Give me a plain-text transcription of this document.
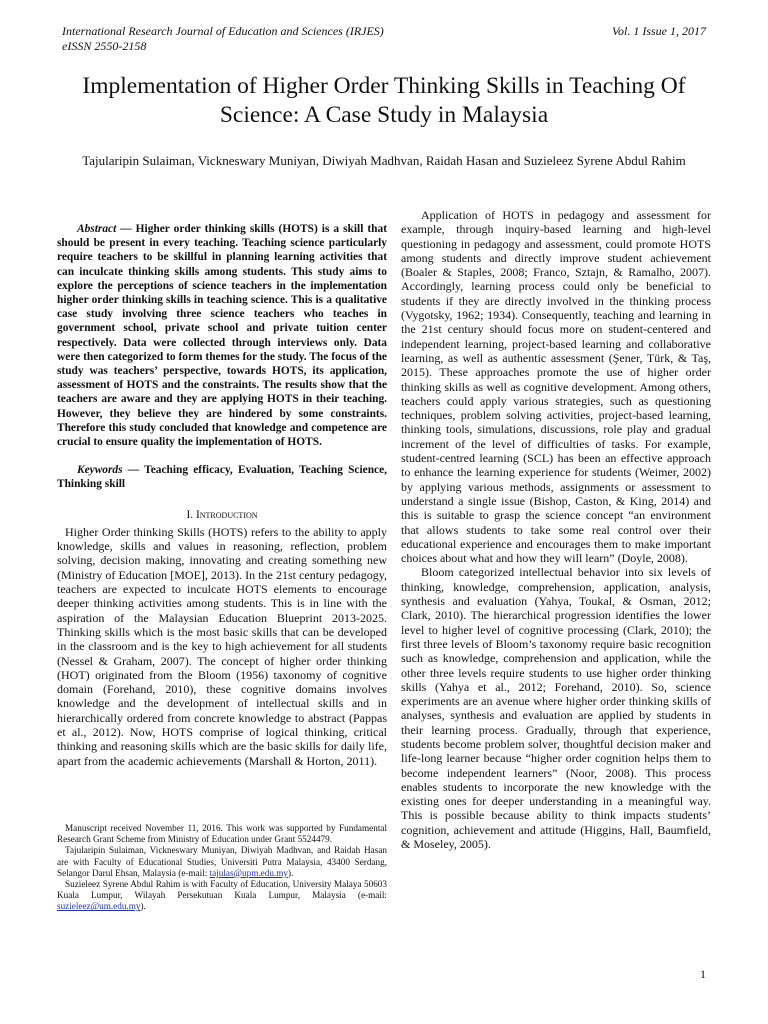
International Research Journal of Education and Sciences (IRJES)
eISSN 2550-2158
Vol. 1 Issue 1, 2017
Implementation of Higher Order Thinking Skills in Teaching Of Science: A Case Study in Malaysia
Tajularipin Sulaiman, Vickneswary Muniyan, Diwiyah Madhvan, Raidah Hasan and Suzieleez Syrene Abdul Rahim

Abstract — Higher order thinking skills (HOTS) is a skill that should be present in every teaching. Teaching science particularly require teachers to be skillful in planning learning activities that can inculcate thinking skills among students. This study aims to explore the perceptions of science teachers in the implementation higher order thinking skills in teaching science. This is a qualitative case study involving three science teachers who teaches in government school, private school and private tuition center respectively. Data were collected through interviews only. Data were then categorized to form themes for the study. The focus of the study was teachers’ perspective, towards HOTS, its application, assessment of HOTS and the constraints. The results show that the teachers are aware and they are applying HOTS in their teaching. However, they believe they are hindered by some constraints. Therefore this study concluded that knowledge and competence are crucial to ensure quality the implementation of HOTS.

Keywords — Teaching efficacy, Evaluation, Teaching Science, Thinking skill

I. Introduction

Higher Order thinking Skills (HOTS) refers to the ability to apply knowledge, skills and values in reasoning, reflection, problem solving, decision making, innovating and creating something new (Ministry of Education [MOE], 2013). In the 21st century pedagogy, teachers are expected to inculcate HOTS elements to encourage deeper thinking activities among students. This is in line with the aspiration of the Malaysian Education Blueprint 2013-2025. Thinking skills which is the most basic skills that can be developed in the classroom and is the key to high achievement for all students (Nessel & Graham, 2007). The concept of higher order thinking (HOT) originated from the Bloom (1956) taxonomy of cognitive domain (Forehand, 2010), these cognitive domains involves knowledge and the development of intellectual skills and in hierarchically ordered from concrete knowledge to abstract (Pappas et al., 2012). Now, HOTS comprise of logical thinking, critical thinking and reasoning skills which are the basic skills for daily life, apart from the academic achievements (Marshall & Horton, 2011).

Manuscript received November 11, 2016. This work was supported by Fundamental Research Grant Scheme from Ministry of Education under Grant 5524479.

Tajularipin Sulaiman, Vickneswary Muniyan, Diwiyah Madhvan, and Raidah Hasan are with Faculty of Educational Studies, Universiti Putra Malaysia, 43400 Serdang, Selangor Darul Ehsan, Malaysia (e-mail: tajulas@upm.edu.my).

Suzieleez Syrene Abdul Rahim is with Faculty of Education, University Malaya 50603 Kuala Lumpur, Wilayah Persekutuan Kuala Lumpur, Malaysia (e-mail: suzieleez@um.edu.my).

Application of HOTS in pedagogy and assessment for example, through inquiry-based learning and high-level questioning in pedagogy and assessment, could promote HOTS among students and directly improve student achievement (Boaler & Staples, 2008; Franco, Sztajn, & Ramalho, 2007). Accordingly, learning process could only be beneficial to students if they are directly involved in the thinking process (Vygotsky, 1962; 1934). Consequently, teaching and learning in the 21st century should focus more on student-centered and independent learning, project-based learning and collaborative learning, as well as authentic assessment (Şener, Türk, & Taş, 2015). These approaches promote the use of higher order thinking skills as well as cognitive development. Among others, teachers could apply various strategies, such as questioning techniques, problem solving activities, project-based learning, thinking tools, simulations, discussions, role play and gradual increment of the level of difficulties of tasks. For example, student-centred learning (SCL) has been an effective approach to enhance the learning experience for students (Weimer, 2002) by applying various methods, assignments or assessment to understand a single issue (Bishop, Caston, & King, 2014) and this is suitable to grasp the science concept “an environment that allows students to take some real control over their educational experience and encourages them to make important choices about what and how they will learn” (Doyle, 2008).

Bloom categorized intellectual behavior into six levels of thinking, knowledge, comprehension, application, analysis, synthesis and evaluation (Yahya, Toukal, & Osman, 2012; Clark, 2010). The hierarchical progression identifies the lower level to higher level of cognitive processing (Clark, 2010); the first three levels of Bloom’s taxonomy require basic recognition such as knowledge, comprehension and application, while the other three levels require students to use higher order thinking skills (Yahya et al., 2012; Forehand, 2010). So, science experiments are an avenue where higher order thinking skills of analyses, synthesis and evaluation are applied by students in their learning process. Gradually, through that experience, students become problem solver, thoughtful decision maker and life-long learner because “higher order cognition helps them to become independent learners” (Noor, 2008). This process enables students to incorporate the new knowledge with the existing ones for deeper understanding in a meaningful way. This is possible because ability to think impacts students’ cognition, achievement and attitude (Higgins, Hall, Baumfield, & Moseley, 2005).

1
